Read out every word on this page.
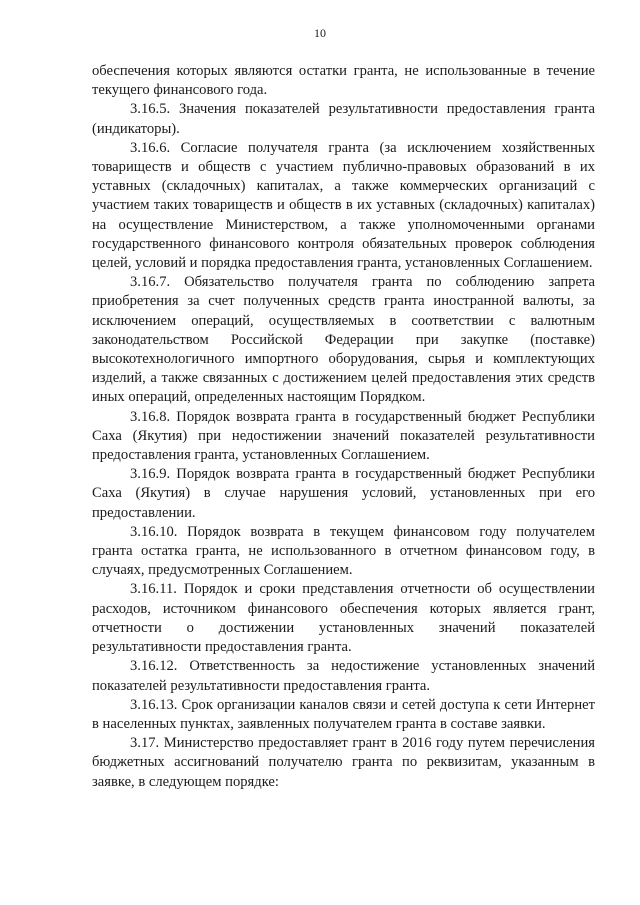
10

обеспечения которых являются остатки гранта, не использованные в течение текущего финансового года.

3.16.5. Значения показателей результативности предоставления гранта (индикаторы).

3.16.6. Согласие получателя гранта (за исключением хозяйственных товариществ и обществ с участием публично-правовых образований в их уставных (складочных) капиталах, а также коммерческих организаций с участием таких товариществ и обществ в их уставных (складочных) капиталах) на осуществление Министерством, а также уполномоченными органами государственного финансового контроля обязательных проверок соблюдения целей, условий и порядка предоставления гранта, установленных Соглашением.

3.16.7. Обязательство получателя гранта по соблюдению запрета приобретения за счет полученных средств гранта иностранной валюты, за исключением операций, осуществляемых в соответствии с валютным законодательством Российской Федерации при закупке (поставке) высокотехнологичного импортного оборудования, сырья и комплектующих изделий, а также связанных с достижением целей предоставления этих средств иных операций, определенных настоящим Порядком.

3.16.8. Порядок возврата гранта в государственный бюджет Республики Саха (Якутия) при недостижении значений показателей результативности предоставления гранта, установленных Соглашением.

3.16.9. Порядок возврата гранта в государственный бюджет Республики Саха (Якутия) в случае нарушения условий, установленных при его предоставлении.

3.16.10. Порядок возврата в текущем финансовом году получателем гранта остатка гранта, не использованного в отчетном финансовом году, в случаях, предусмотренных Соглашением.

3.16.11. Порядок и сроки представления отчетности об осуществлении расходов, источником финансового обеспечения которых является грант, отчетности о достижении установленных значений показателей результативности предоставления гранта.

3.16.12. Ответственность за недостижение установленных значений показателей результативности предоставления гранта.

3.16.13. Срок организации каналов связи и сетей доступа к сети Интернет в населенных пунктах, заявленных получателем гранта в составе заявки.

3.17. Министерство предоставляет грант в 2016 году путем перечисления бюджетных ассигнований получателю гранта по реквизитам, указанным в заявке, в следующем порядке:
